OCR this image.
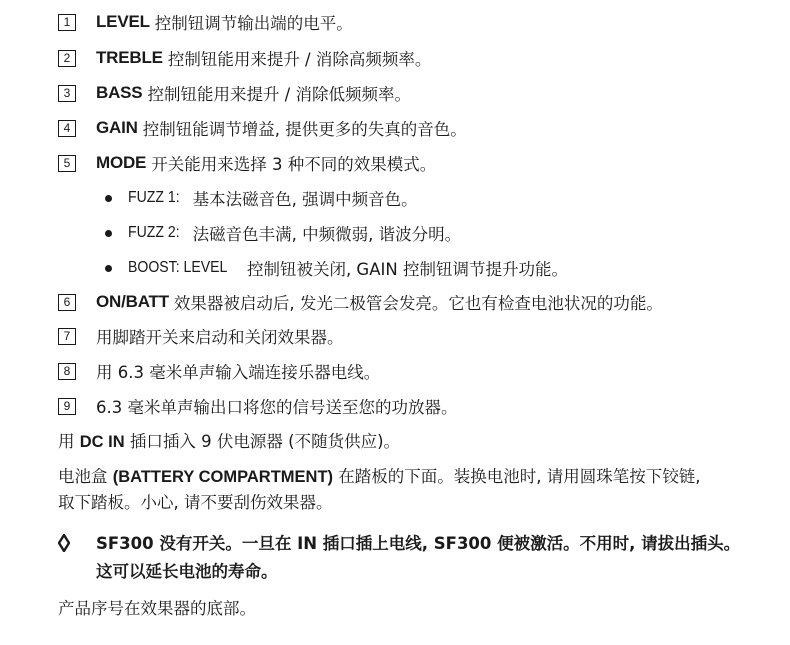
1	LEVEL 控制钮调节输出端的电平。
2	TREBLE 控制钮能用来提升 / 消除高频频率。
3	BASS 控制钮能用来提升 / 消除低频频率。
4	GAIN 控制钮能调节增益, 提供更多的失真的音色。
5	MODE 开关能用来选择 3 种不同的效果模式。
FUZZ 1: 基本法磁音色, 强调中频音色。
FUZZ 2: 法磁音色丰满, 中频微弱, 谐波分明。
BOOST: LEVEL 控制钮被关闭, GAIN 控制钮调节提升功能。
6	ON/BATT 效果器被启动后, 发光二极管会发亮。它也有检查电池状况的功能。
7	用脚踏开关来启动和关闭效果器。
8	用 6.3 毫米单声输入端连接乐器电线。
9	6.3 毫米单声输出口将您的信号送至您的功放器。
用 DC IN 插口插入 9 伏电源器 (不随货供应)。
电池盒 (BATTERY COMPARTMENT) 在踏板的下面。装换电池时, 请用圆珠笔按下铰链,
取下踏板。小心, 请不要刮伤效果器。
SF300 没有开关。一旦在 IN 插口插上电线, SF300 便被激活。不用时, 请拔出插头。
这可以延长电池的寿命。
产品序号在效果器的底部。
